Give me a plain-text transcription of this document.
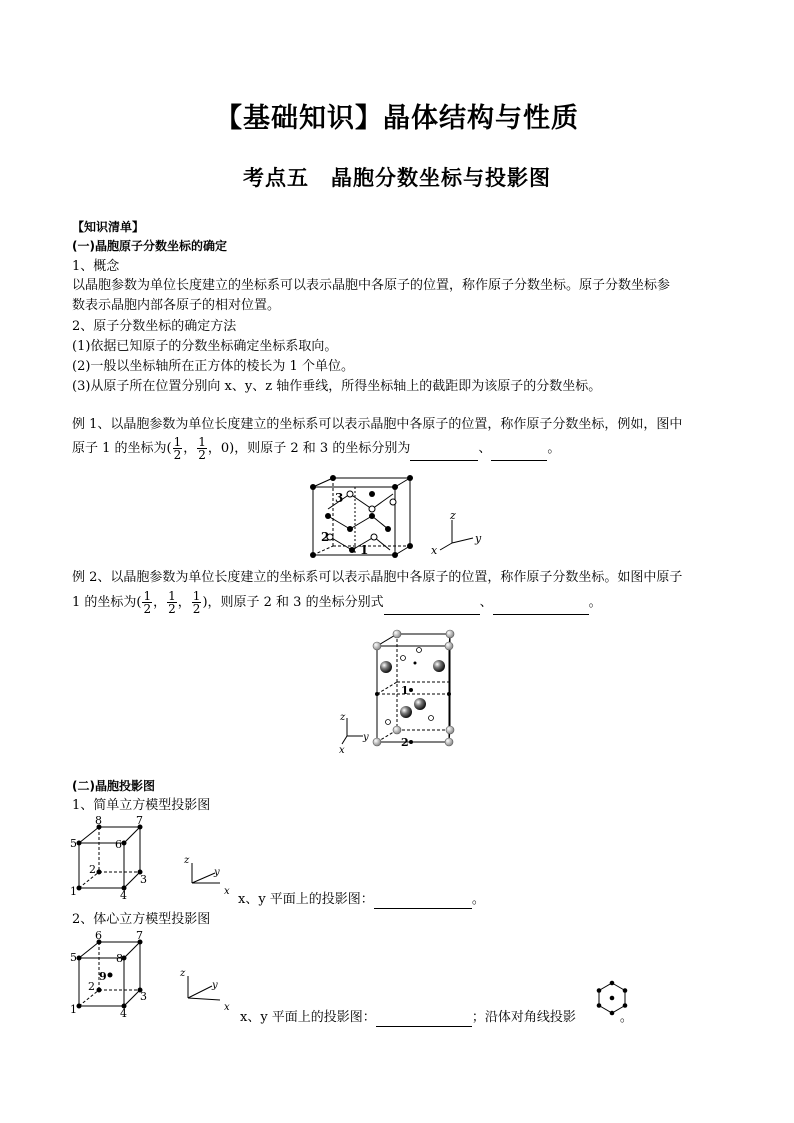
【基础知识】晶体结构与性质
考点五　晶胞分数坐标与投影图
【知识清单】
(一)晶胞原子分数坐标的确定
1、概念
以晶胞参数为单位长度建立的坐标系可以表示晶胞中各原子的位置，称作原子分数坐标。原子分数坐标参
数表示晶胞内部各原子的相对位置。
2、原子分数坐标的确定方法
(1)依据已知原子的分数坐标确定坐标系取向。
(2)一般以坐标轴所在正方体的棱长为 1 个单位。
(3)从原子所在位置分别向 x、y、z 轴作垂线，所得坐标轴上的截距即为该原子的分数坐标。
例 1、以晶胞参数为单位长度建立的坐标系可以表示晶胞中各原子的位置，称作原子分数坐标，例如，图中
原子 1 的坐标为( $\frac{1}{2}$ ， $\frac{1}{2}$ ，0)，则原子 2 和 3 的坐标分别为	、	。
3
2
1
z
y
x
例 2、以晶胞参数为单位长度建立的坐标系可以表示晶胞中各原子的位置，称作原子分数坐标。如图中原子
1 的坐标为( $\frac{1}{2}$ ， $\frac{1}{2}$ ， $\frac{1}{2}$ )，则原子 2 和 3 的坐标分别式	、	。
1
2
z
y
x
(二)晶胞投影图
1、简单立方模型投影图
8	7
5	6
2
3
1	4
z
y
x
x、y 平面上的投影图：	。
2、体心立方模型投影图
6	7
5	8
9
2
3
1	4
z
y
x
x、y 平面上的投影图：	；沿体对角线投影	。
